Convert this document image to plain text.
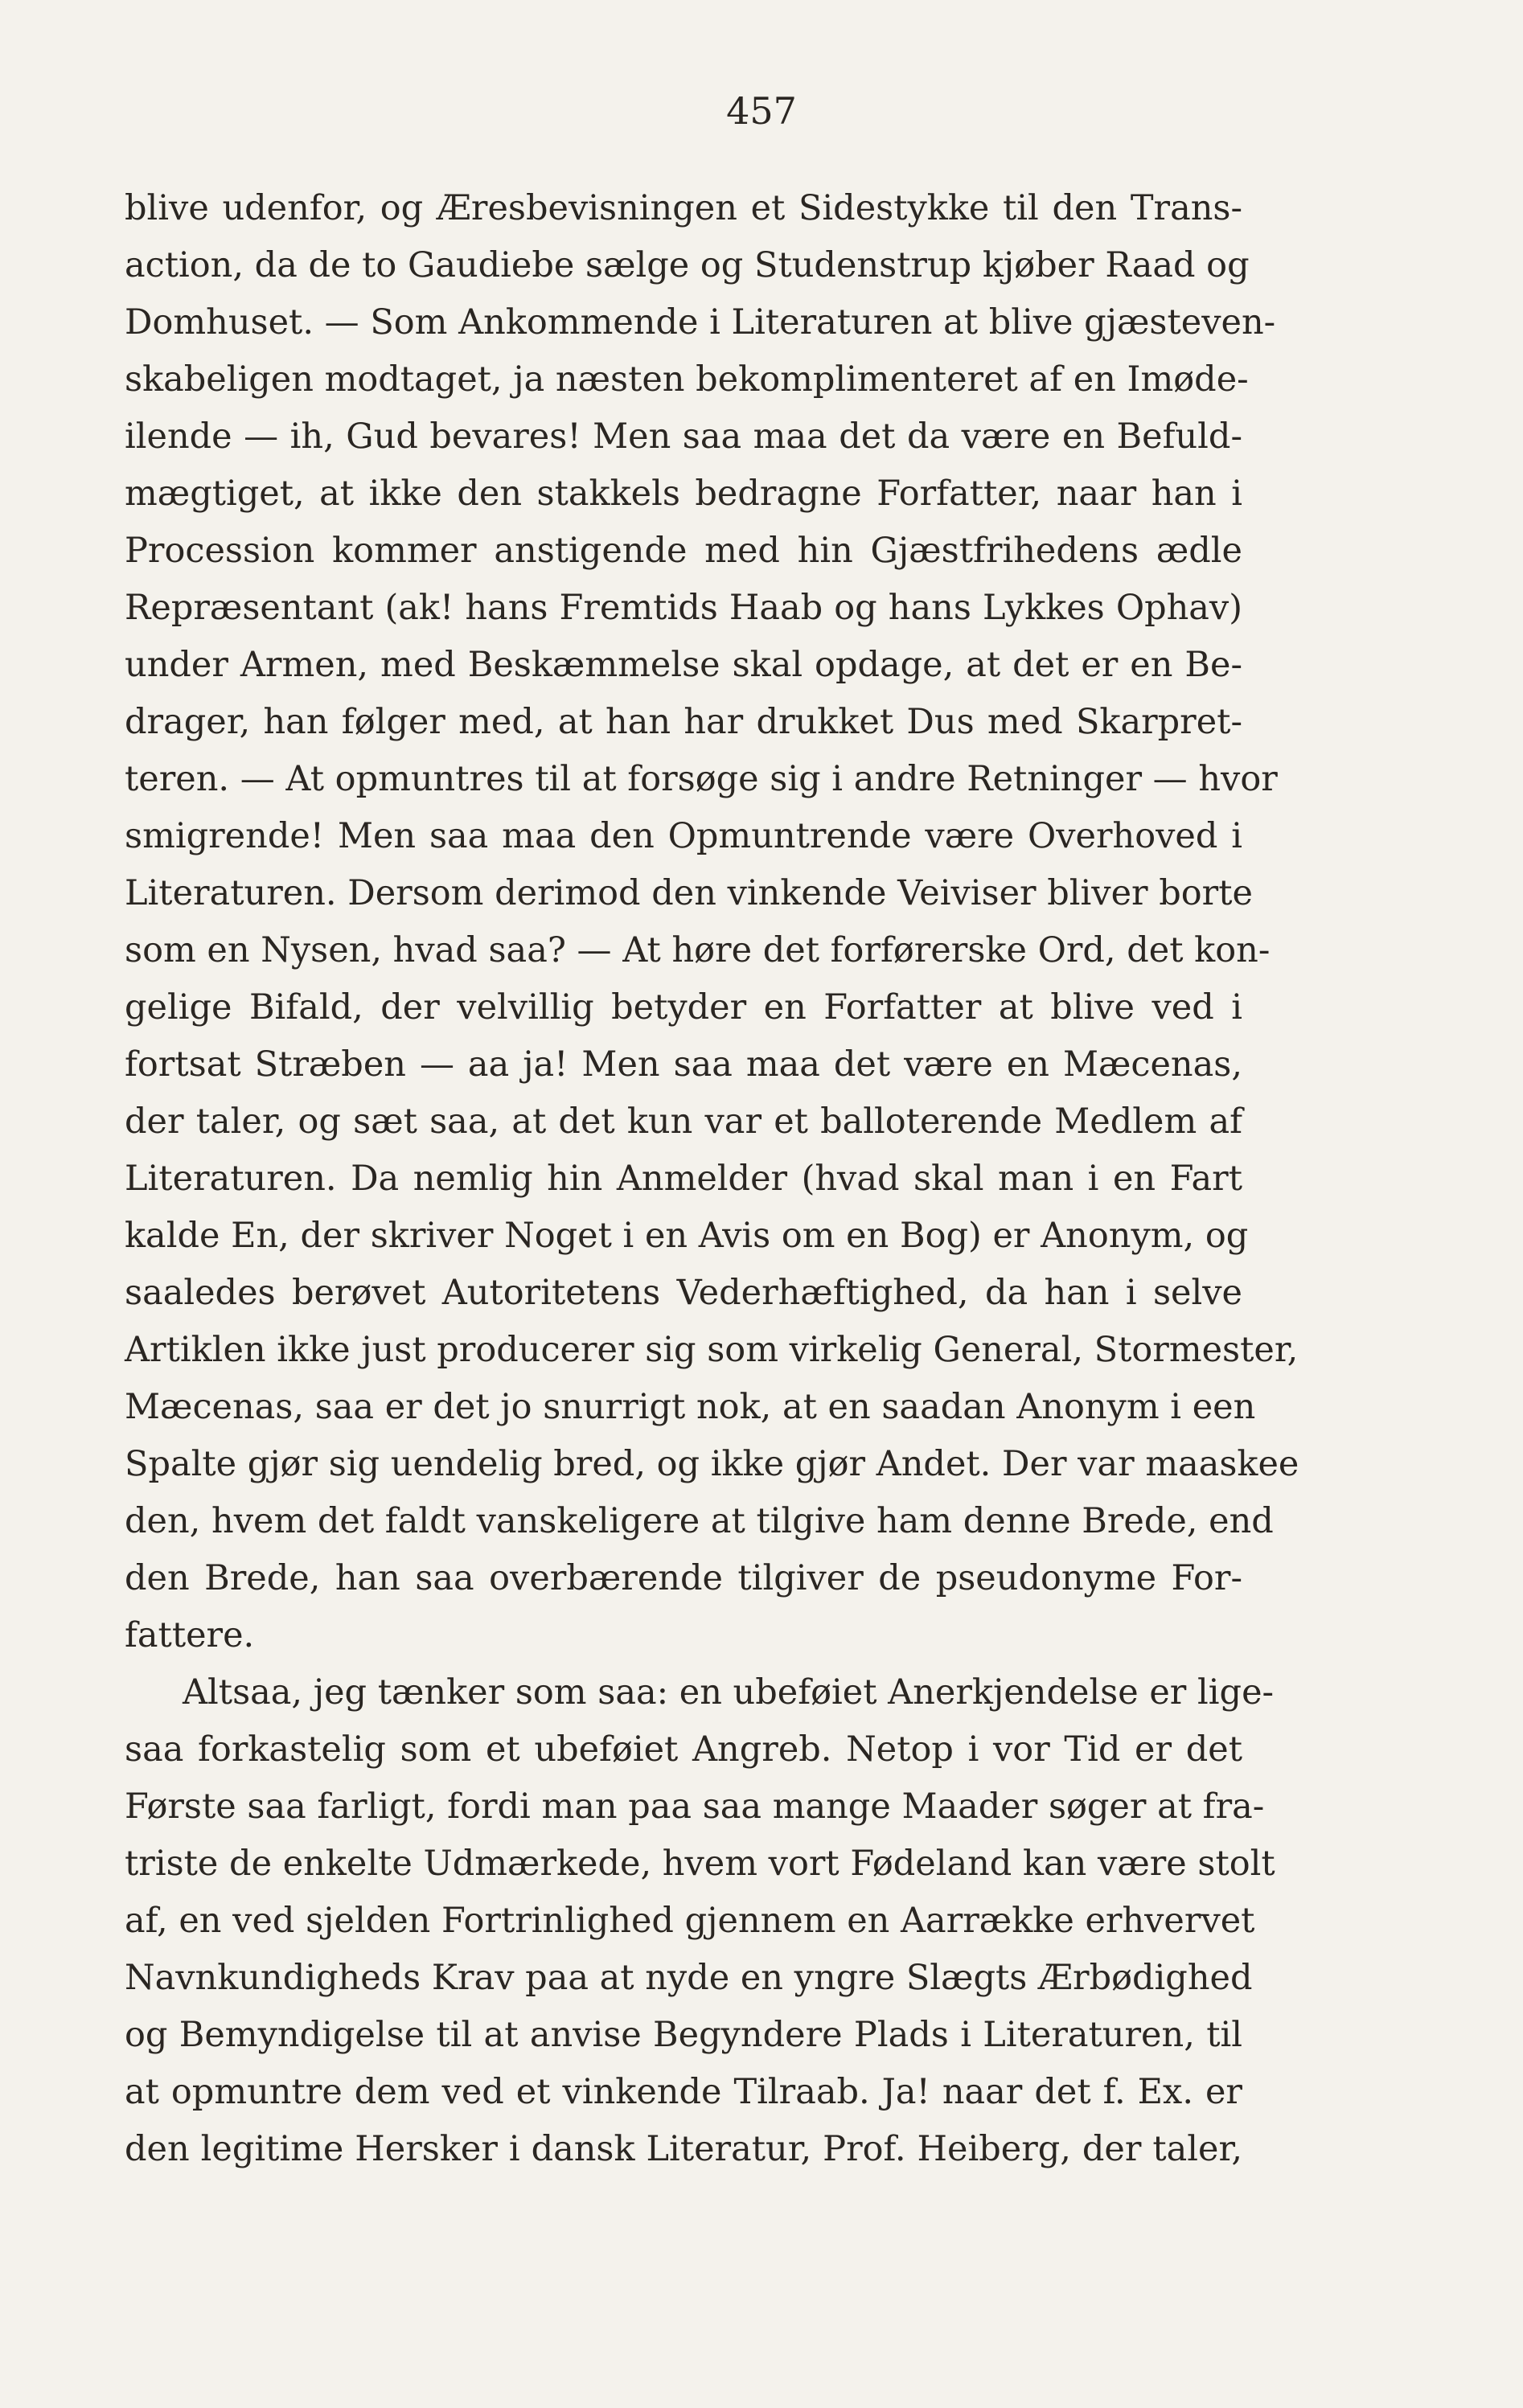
457
blive udenfor, og Æresbevisningen et Sidestykke til den Trans-
action, da de to Gaudiebe sælge og Studenstrup kjøber Raad og
Domhuset. — Som Ankommende i Literaturen at blive gjæsteven-
skabeligen modtaget, ja næsten bekomplimenteret af en Imøde-
ilende — ih, Gud bevares! Men saa maa det da være en Befuld-
mægtiget, at ikke den stakkels bedragne Forfatter, naar han i
Procession kommer anstigende med hin Gjæstfrihedens ædle
Repræsentant (ak! hans Fremtids Haab og hans Lykkes Ophav)
under Armen, med Beskæmmelse skal opdage, at det er en Be-
drager, han følger med, at han har drukket Dus med Skarpret-
teren. — At opmuntres til at forsøge sig i andre Retninger — hvor
smigrende! Men saa maa den Opmuntrende være Overhoved i
Literaturen. Dersom derimod den vinkende Veiviser bliver borte
som en Nysen, hvad saa? — At høre det forførerske Ord, det kon-
gelige Bifald, der velvillig betyder en Forfatter at blive ved i
fortsat Stræben — aa ja! Men saa maa det være en Mæcenas,
der taler, og sæt saa, at det kun var et balloterende Medlem af
Literaturen. Da nemlig hin Anmelder (hvad skal man i en Fart
kalde En, der skriver Noget i en Avis om en Bog) er Anonym, og
saaledes berøvet Autoritetens Vederhæftighed, da han i selve
Artiklen ikke just producerer sig som virkelig General, Stormester,
Mæcenas, saa er det jo snurrigt nok, at en saadan Anonym i een
Spalte gjør sig uendelig bred, og ikke gjør Andet. Der var maaskee
den, hvem det faldt vanskeligere at tilgive ham denne Brede, end
den Brede, han saa overbærende tilgiver de pseudonyme For-
fattere.
Altsaa, jeg tænker som saa: en ubeføiet Anerkjendelse er lige-
saa forkastelig som et ubeføiet Angreb. Netop i vor Tid er det
Første saa farligt, fordi man paa saa mange Maader søger at fra-
triste de enkelte Udmærkede, hvem vort Fødeland kan være stolt
af, en ved sjelden Fortrinlighed gjennem en Aarrække erhvervet
Navnkundigheds Krav paa at nyde en yngre Slægts Ærbødighed
og Bemyndigelse til at anvise Begyndere Plads i Literaturen, til
at opmuntre dem ved et vinkende Tilraab. Ja! naar det f. Ex. er
den legitime Hersker i dansk Literatur, Prof. Heiberg, der taler,
